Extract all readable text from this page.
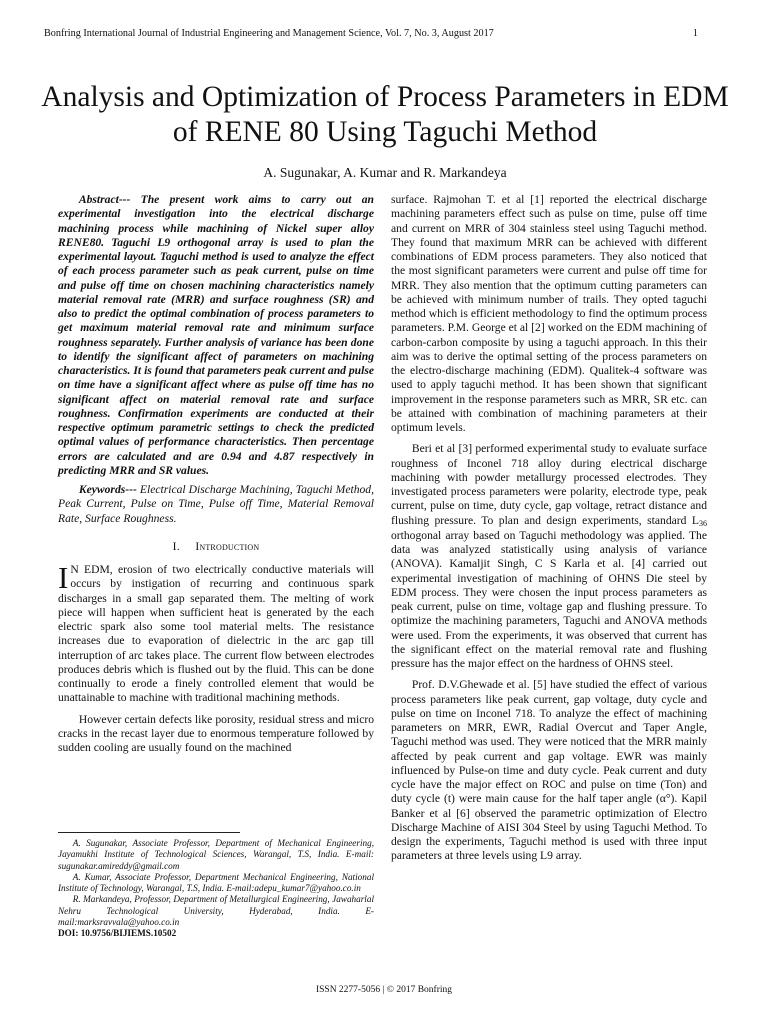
Bonfring International Journal of Industrial Engineering and Management Science, Vol. 7, No. 3, August 2017	1
Analysis and Optimization of Process Parameters in EDM of RENE 80 Using Taguchi Method
A. Sugunakar, A. Kumar and R. Markandeya

Abstract--- The present work aims to carry out an experimental investigation into the electrical discharge machining process while machining of Nickel super alloy RENE80. Taguchi L9 orthogonal array is used to plan the experimental layout. Taguchi method is used to analyze the effect of each process parameter such as peak current, pulse on time and pulse off time on chosen machining characteristics namely material removal rate (MRR) and surface roughness (SR) and also to predict the optimal combination of process parameters to get maximum material removal rate and minimum surface roughness separately. Further analysis of variance has been done to identify the significant affect of parameters on machining characteristics. It is found that parameters peak current and pulse on time have a significant affect where as pulse off time has no significant affect on material removal rate and surface roughness. Confirmation experiments are conducted at their respective optimum parametric settings to check the predicted optimal values of performance characteristics. Then percentage errors are calculated and are 0.94 and 4.87 respectively in predicting MRR and SR values.

Keywords--- Electrical Discharge Machining, Taguchi Method, Peak Current, Pulse on Time, Pulse off Time, Material Removal Rate, Surface Roughness.

I. Introduction

I N EDM, erosion of two electrically conductive materials will occurs by instigation of recurring and continuous spark discharges in a small gap separated them. The melting of work piece will happen when sufficient heat is generated by the each electric spark also some tool material melts. The resistance increases due to evaporation of dielectric in the arc gap till interruption of arc takes place. The current flow between electrodes produces debris which is flushed out by the fluid. This can be done continually to erode a finely controlled element that would be unattainable to machine with traditional machining methods.

However certain defects like porosity, residual stress and micro cracks in the recast layer due to enormous temperature followed by sudden cooling are usually found on the machined

surface. Rajmohan T. et al [1] reported the electrical discharge machining parameters effect such as pulse on time, pulse off time and current on MRR of 304 stainless steel using Taguchi method. They found that maximum MRR can be achieved with different combinations of EDM process parameters. They also noticed that the most significant parameters were current and pulse off time for MRR. They also mention that the optimum cutting parameters can be achieved with minimum number of trails. They opted taguchi method which is efficient methodology to find the optimum process parameters. P.M. George et al [2] worked on the EDM machining of carbon-carbon composite by using a taguchi approach. In this their aim was to derive the optimal setting of the process parameters on the electro-discharge machining (EDM). Qualitek-4 software was used to apply taguchi method. It has been shown that significant improvement in the response parameters such as MRR, SR etc. can be attained with combination of machining parameters at their optimum levels.

Beri et al [3] performed experimental study to evaluate surface roughness of Inconel 718 alloy during electrical discharge machining with powder metallurgy processed electrodes. They investigated process parameters were polarity, electrode type, peak current, pulse on time, duty cycle, gap voltage, retract distance and flushing pressure. To plan and design experiments, standard L36 orthogonal array based on Taguchi methodology was applied. The data was analyzed statistically using analysis of variance (ANOVA). Kamaljit Singh, C S Karla et al. [4] carried out experimental investigation of machining of OHNS Die steel by EDM process. They were chosen the input process parameters as peak current, pulse on time, voltage gap and flushing pressure. To optimize the machining parameters, Taguchi and ANOVA methods were used. From the experiments, it was observed that current has the significant effect on the material removal rate and flushing pressure has the major effect on the hardness of OHNS steel.

Prof. D.V.Ghewade et al. [5] have studied the effect of various process parameters like peak current, gap voltage, duty cycle and pulse on time on Inconel 718. To analyze the effect of machining parameters on MRR, EWR, Radial Overcut and Taper Angle, Taguchi method was used. They were noticed that the MRR mainly affected by peak current and gap voltage. EWR was mainly influenced by Pulse-on time and duty cycle. Peak current and duty cycle have the major effect on ROC and pulse on time (Ton) and duty cycle (t) were main cause for the half taper angle (α°). Kapil Banker et al [6] observed the parametric optimization of Electro Discharge Machine of AISI 304 Steel by using Taguchi Method. To design the experiments, Taguchi method is used with three input parameters at three levels using L9 array.

A. Sugunakar, Associate Professor, Department of Mechanical Engineering, Jayamukhi Institute of Technological Sciences, Warangal, T.S, India. E-mail: sugunakar.amireddy@gmail.com

A. Kumar, Associate Professor, Department Mechanical Engineering, National Institute of Technology, Warangal, T.S, India. E-mail:adepu_kumar7@yahoo.co.in

R. Markandeya, Professor, Department of Metallurgical Engineering, Jawaharlal Nehru Technological University, Hyderabad, India. E-mail:marksravvala@yahoo.co.in

DOI: 10.9756/BIJIEMS.10502

ISSN 2277-5056 | © 2017 Bonfring
